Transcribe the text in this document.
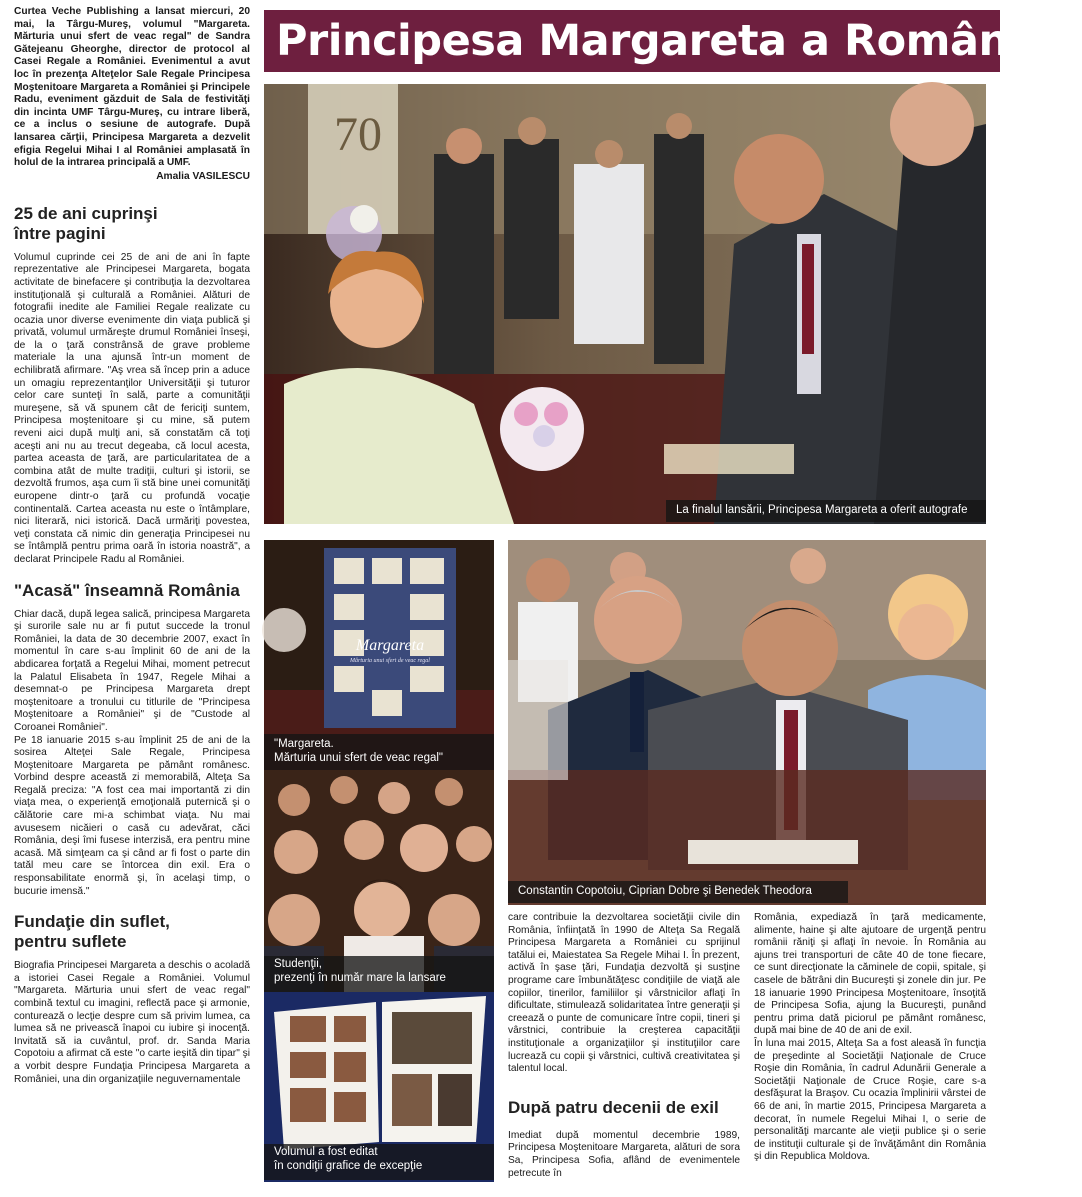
Curtea Veche Publishing a lansat miercuri, 20 mai, la Târgu-Mureş, volumul "Margareta. Mărturia unui sfert de veac regal" de Sandra Gătejeanu Gheorghe, director de protocol al Casei Regale a României. Evenimentul a avut loc în prezenţa Alteţelor Sale Regale Principesa Moştenitoare Margareta a României şi Principele Radu, eveniment găzduit de Sala de festivităţi din incinta UMF Târgu-Mureş, cu intrare liberă, ce a inclus o sesiune de autografe. După lansarea cărţii, Principesa Margareta a dezvelit efigia Regelui Mihai I al României amplasată în holul de la intrarea principală a UMF.
Amalia VASILESCU
25 de ani cuprinşi între pagini
Volumul cuprinde cei 25 de ani de ani în fapte reprezentative ale Principesei Margareta, bogata activitate de binefacere şi contribuţia la dezvoltarea instituţională şi culturală a României. Alături de fotografii inedite ale Familiei Regale realizate cu ocazia unor diverse evenimente din viaţa publică şi privată, volumul urmăreşte drumul României înseşi, de la o ţară constrânsă de grave probleme materiale la una ajunsă într-un moment de echilibrată afirmare. "Aş vrea să încep prin a aduce un omagiu reprezentanţilor Universităţii şi tuturor celor care sunteţi în sală, parte a comunităţii mureşene, să vă spunem cât de fericiţi suntem, Principesa moştenitoare şi cu mine, să putem reveni aici după mulţi ani, să constatăm că toţi aceşti ani nu au trecut degeaba, că locul acesta, partea aceasta de ţară, are particularitatea de a combina atât de multe tradiţii, culturi şi istorii, se dezvoltă frumos, aşa cum îi stă bine unei comunităţi europene dintr-o ţară cu profundă vocaţie continentală. Cartea aceasta nu este o întâmplare, nici literară, nici istorică. Dacă urmăriţi povestea, veţi constata că nimic din generaţia Principesei nu se întâmplă pentru prima oară în istoria noastră", a declarat Principele Radu al României.
"Acasă" înseamnă România
Chiar dacă, după legea salică, principesa Margareta şi surorile sale nu ar fi putut succede la tronul României, la data de 30 decembrie 2007, exact în momentul în care s-au împlinit 60 de ani de la abdicarea forţată a Regelui Mihai, moment petrecut la Palatul Elisabeta în 1947, Regele Mihai a desemnat-o pe Principesa Margareta drept moştenitoare a tronului cu titlurile de "Principesa Moştenitoare a României" şi de "Custode al Coroanei României".
Pe 18 ianuarie 2015 s-au împlinit 25 de ani de la sosirea Alteţei Sale Regale, Principesa Moştenitoare Margareta pe pământ românesc. Vorbind despre această zi memorabilă, Alteţa Sa Regală preciza: "A fost cea mai importantă zi din viaţa mea, o experienţă emoţională puternică şi o călătorie care mi-a schimbat viaţa. Nu mai avusesem nicăieri o casă cu adevărat, căci România, deşi îmi fusese interzisă, era pentru mine acasă. Mă simţeam ca şi când ar fi fost o parte din tatăl meu care se întorcea din exil. Era o responsabilitate enormă şi, în acelaşi timp, o bucurie imensă."
Fundaţie din suflet, pentru suflete
Biografia Principesei Margareta a deschis o acoladă a istoriei Casei Regale a României. Volumul "Margareta. Mărturia unui sfert de veac regal" combină textul cu imagini, reflectă pace şi armonie, conturează o lecţie despre cum să privim lumea, ca lumea să ne privească înapoi cu iubire şi inocenţă. Invitată să ia cuvântul, prof. dr. Sanda Maria Copotoiu a afirmat că este "o carte ieşită din tipar" şi a vorbit despre Fundaţia Principesa Margareta a României, una din organizaţiile neguvernamentale
Principesa Margareta a României,
70
La finalul lansării, Principesa Margareta a oferit autografe
Margareta
Mărturia unui sfert de veac regal
"Margareta.
Mărturia unui sfert de veac regal"
Constantin Copotoiu, Ciprian Dobre şi Benedek Theodora
Studenţii,
prezenţi în număr mare la lansare
Volumul a fost editat
în condiţii grafice de excepţie
care contribuie la dezvoltarea societăţii civile din România, înfiinţată în 1990 de Alteţa Sa Regală Principesa Margareta a României cu sprijinul tatălui ei, Maiestatea Sa Regele Mihai I. În prezent, activă în şase ţări, Fundaţia dezvoltă şi susţine programe care îmbunătăţesc condiţiile de viaţă ale copiilor, tinerilor, familiilor şi vârstnicilor aflaţi în dificultate, stimulează solidaritatea între generaţii şi creează o punte de comunicare între copii, tineri şi vârstnici, contribuie la creşterea capacităţii instituţionale a organizaţiilor şi instituţiilor care lucrează cu copii şi vârstnici, cultivă creativitatea şi talentul local.
După patru decenii de exil
Imediat după momentul decembrie 1989, Principesa Moştenitoare Margareta, alături de sora Sa, Principesa Sofia, aflând de evenimentele petrecute în
România, expediază în ţară medicamente, alimente, haine şi alte ajutoare de urgenţă pentru românii răniţi şi aflaţi în nevoie. În România au ajuns trei transporturi de câte 40 de tone fiecare, ce sunt direcţionate la căminele de copii, spitale, şi casele de bătrâni din Bucureşti şi zonele din jur. Pe 18 ianuarie 1990 Principesa Moştenitoare, însoţită de Principesa Sofia, ajung la Bucureşti, punând pentru prima dată piciorul pe pământ românesc, după mai bine de 40 de ani de exil.
În luna mai 2015, Alteţa Sa a fost aleasă în funcţia de preşedinte al Societăţii Naţionale de Cruce Roşie din România, în cadrul Adunării Generale a Societăţii Naţionale de Cruce Roşie, care s-a desfăşurat la Braşov. Cu ocazia împlinirii vârstei de 66 de ani, în martie 2015, Principesa Margareta a decorat, în numele Regelui Mihai I, o serie de personalităţi marcante ale vieţii publice şi o serie de instituţii culturale şi de învăţământ din România şi din Republica Moldova.
